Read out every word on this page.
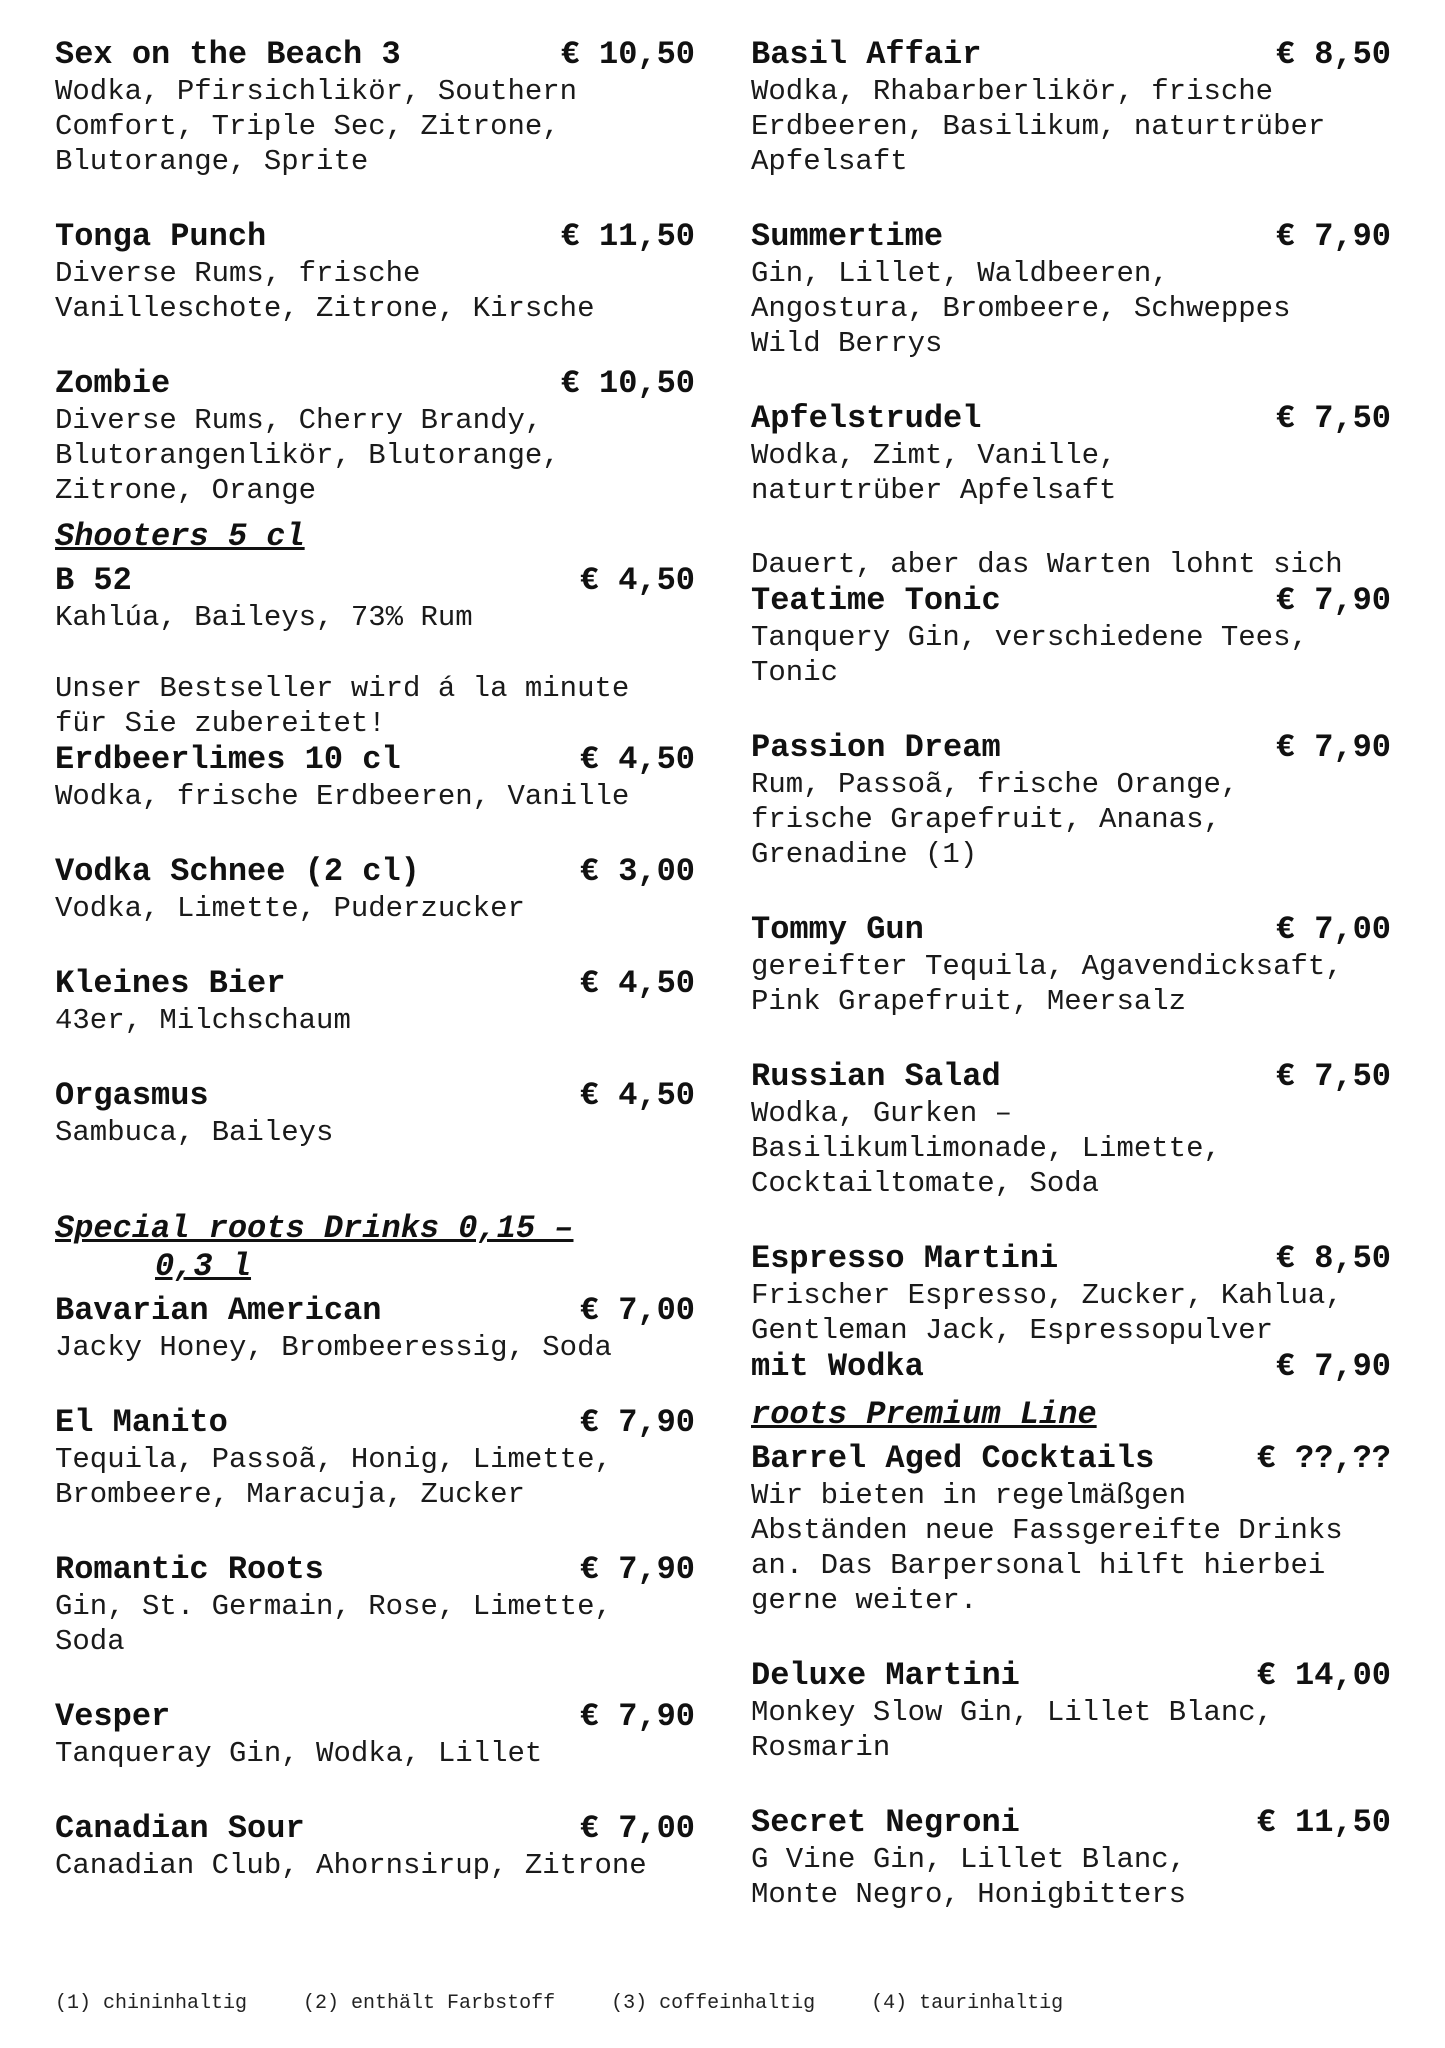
Sex on the Beach 3	€ 10,50
Wodka, Pfirsichlikör, Southern
Comfort, Triple Sec, Zitrone,
Blutorange, Sprite
Tonga Punch	€ 11,50
Diverse Rums, frische
Vanilleschote, Zitrone, Kirsche
Zombie	€ 10,50
Diverse Rums, Cherry Brandy,
Blutorangenlikör, Blutorange,
Zitrone, Orange
Shooters 5 cl
B 52	€ 4,50
Kahlúa, Baileys, 73% Rum
Unser Bestseller wird á la minute
für Sie zubereitet!
Erdbeerlimes 10 cl	€ 4,50
Wodka, frische Erdbeeren, Vanille
Vodka Schnee (2 cl)	€ 3,00
Vodka, Limette, Puderzucker
Kleines Bier	€ 4,50
43er, Milchschaum
Orgasmus	€ 4,50
Sambuca, Baileys
Special roots Drinks 0,15 –
0,3 l
Bavarian American	€ 7,00
Jacky Honey, Brombeeressig, Soda
El Manito	€ 7,90
Tequila, Passoã, Honig, Limette,
Brombeere, Maracuja, Zucker
Romantic Roots	€ 7,90
Gin, St. Germain, Rose, Limette,
Soda
Vesper	€ 7,90
Tanqueray Gin, Wodka, Lillet
Canadian Sour	€ 7,00
Canadian Club, Ahornsirup, Zitrone
Basil Affair	€ 8,50
Wodka, Rhabarberlikör, frische
Erdbeeren, Basilikum, naturtrüber
Apfelsaft
Summertime	€ 7,90
Gin, Lillet, Waldbeeren,
Angostura, Brombeere, Schweppes
Wild Berrys
Apfelstrudel	€ 7,50
Wodka, Zimt, Vanille,
naturtrüber Apfelsaft
Dauert, aber das Warten lohnt sich
Teatime Tonic	€ 7,90
Tanquery Gin, verschiedene Tees,
Tonic
Passion Dream	€ 7,90
Rum, Passoã, frische Orange,
frische Grapefruit, Ananas,
Grenadine (1)
Tommy Gun	€ 7,00
gereifter Tequila, Agavendicksaft,
Pink Grapefruit, Meersalz
Russian Salad	€ 7,50
Wodka, Gurken –
Basilikumlimonade, Limette,
Cocktailtomate, Soda
Espresso Martini	€ 8,50
Frischer Espresso, Zucker, Kahlua,
Gentleman Jack, Espressopulver
mit Wodka	€ 7,90
roots Premium Line
Barrel Aged Cocktails	€ ??,??
Wir bieten in regelmäßgen
Abständen neue Fassgereifte Drinks
an. Das Barpersonal hilft hierbei
gerne weiter.
Deluxe Martini	€ 14,00
Monkey Slow Gin, Lillet Blanc,
Rosmarin
Secret Negroni	€ 11,50
G Vine Gin, Lillet Blanc,
Monte Negro, Honigbitters
(1) chininhaltig	(2) enthält Farbstoff	(3) coffeinhaltig	(4) taurinhaltig
